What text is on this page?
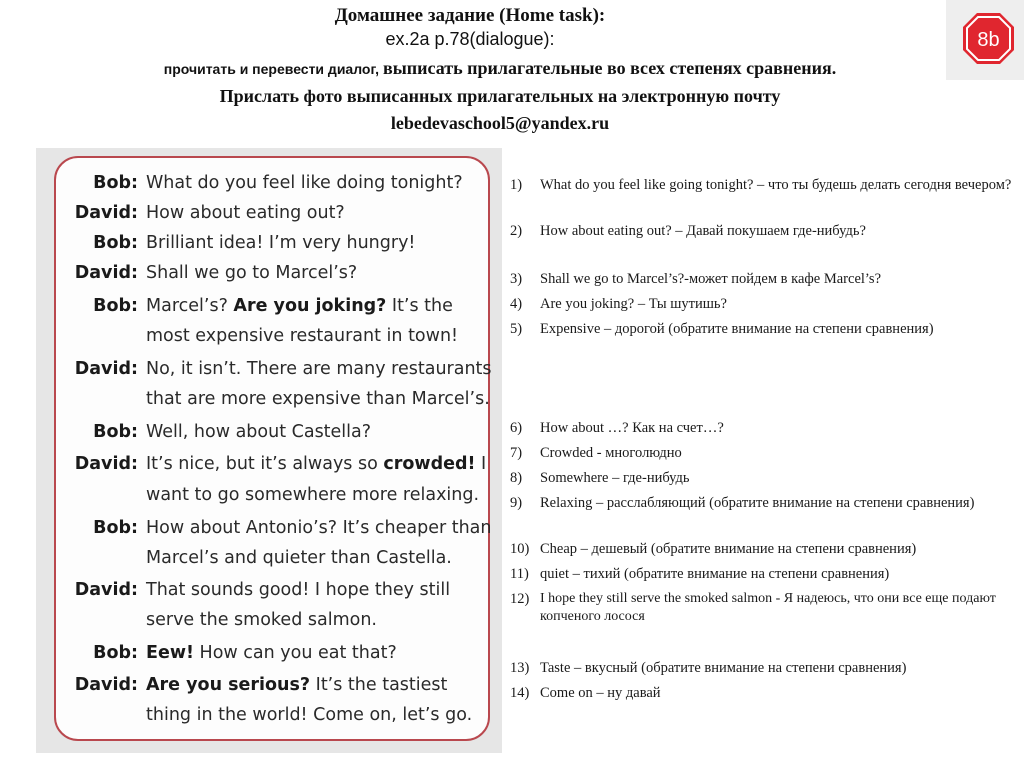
Домашнее задание (Home task):
ex.2a p.78(dialogue):
прочитать и перевести диалог, выписать прилагательные во всех степенях сравнения.
Прислать фото выписанных прилагательных на электронную почту
lebedevaschool5@yandex.ru
8b
Bob: What do you feel like doing tonight?
David: How about eating out?
Bob: Brilliant idea! I’m very hungry!
David: Shall we go to Marcel’s?
Bob: Marcel’s? Are you joking? It’s the
most expensive restaurant in town!
David: No, it isn’t. There are many restaurants
that are more expensive than Marcel’s.
Bob: Well, how about Castella?
David: It’s nice, but it’s always so crowded! I
want to go somewhere more relaxing.
Bob: How about Antonio’s? It’s cheaper than
Marcel’s and quieter than Castella.
David: That sounds good! I hope they still
serve the smoked salmon.
Bob: Eew! How can you eat that?
David: Are you serious? It’s the tastiest
thing in the world! Come on, let’s go.
1) What do you feel like going tonight? – что ты будешь делать сегодня вечером?
2) How about eating out? – Давай покушаем где-нибудь?
3) Shall we go to Marcel’s?-может пойдем в кафе Marcel’s?
4) Are you joking? – Ты шутишь?
5) Expensive – дорогой (обратите внимание на степени сравнения)
6) How about …? Как на счет…?
7) Crowded - многолюдно
8) Somewhere – где-нибудь
9) Relaxing – расслабляющий (обратите внимание на степени сравнения)
10) Cheap – дешевый (обратите внимание на степени сравнения)
11) quiet – тихий (обратите внимание на степени сравнения)
12) I hope they still serve the smoked salmon - Я надеюсь, что они все еще подают копченого лосося
13) Taste – вкусный (обратите внимание на степени сравнения)
14) Come on – ну давай
